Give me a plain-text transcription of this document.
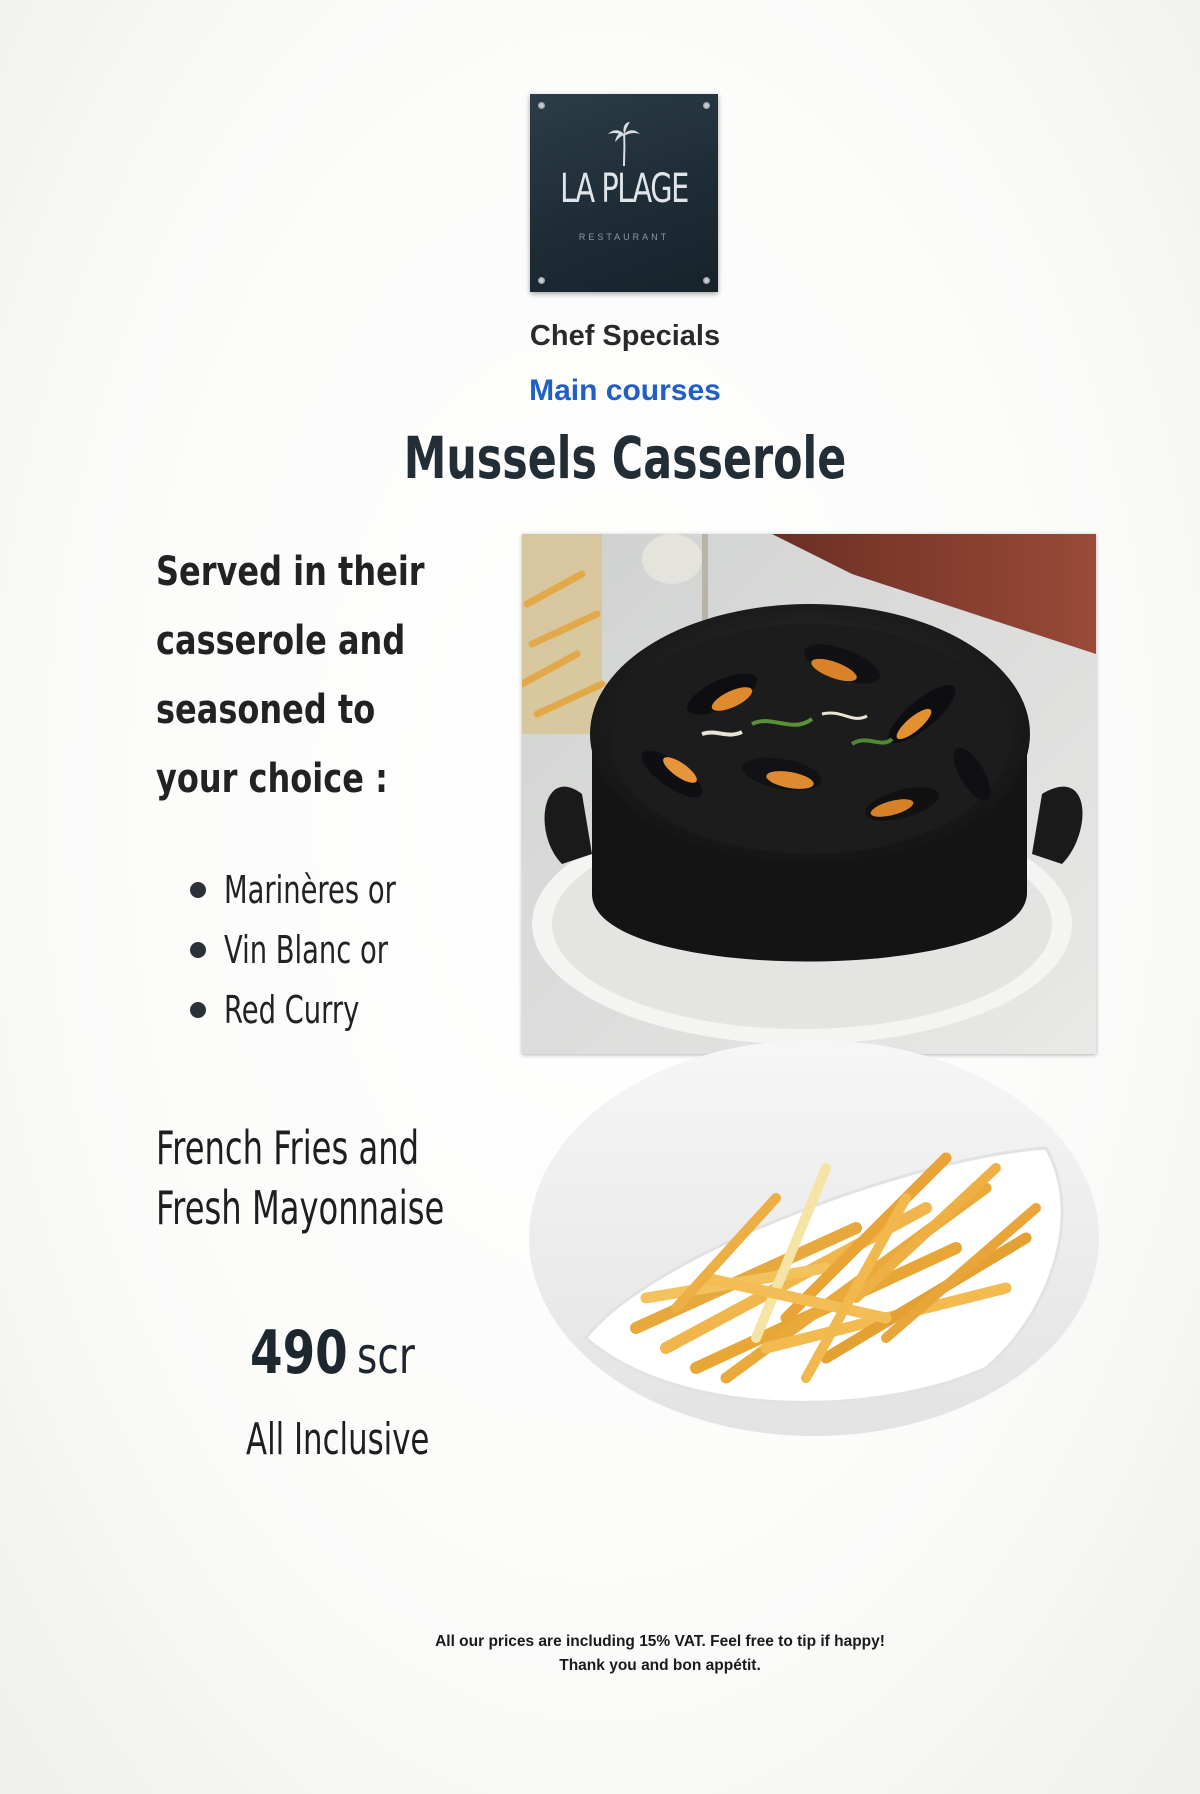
LA PLAGE
RESTAURANT
Chef Specials
Main courses
Mussels Casserole
Served in their
casserole and
seasoned to
your choice :
Marinères or
Vin Blanc or
Red Curry
French Fries and
Fresh Mayonnaise
490 scr
All Inclusive
All our prices are including 15% VAT. Feel free to tip if happy!
Thank you and bon appétit.
